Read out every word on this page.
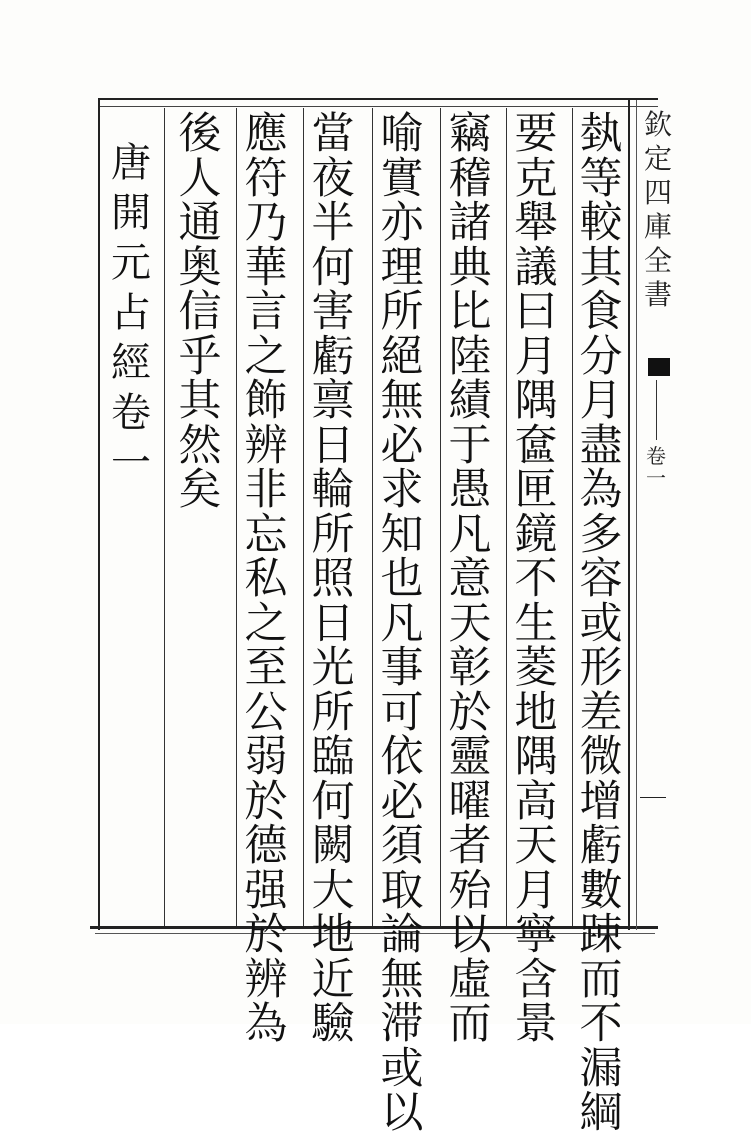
欽
定
四
庫
全
書
卷
一
埶
等
較
其
食
分
月
盡
為
多
容
或
形
差
微
增
虧
數
踈
而
不
漏
綱
要
克
舉
議
曰
月
隅
奩
匣
鏡
不
生
菱
地
隅
高
天
月
寧
含
景
竊
稽
諸
典
比
陸
績
于
愚
凡
意
天
彰
於
靈
曜
者
殆
以
虛
而
喻
實
亦
理
所
絕
無
必
求
知
也
凡
事
可
依
必
須
取
論
無
滞
或
以
當
夜
半
何
害
虧
禀
日
輪
所
照
日
光
所
臨
何
闕
大
地
近
驗
應
符
乃
華
言
之
飾
辨
非
忘
私
之
至
公
弱
於
德
强
於
辨
為
後
人
通
奥
信
乎
其
然
矣
唐
開
元
占
經
卷
一
